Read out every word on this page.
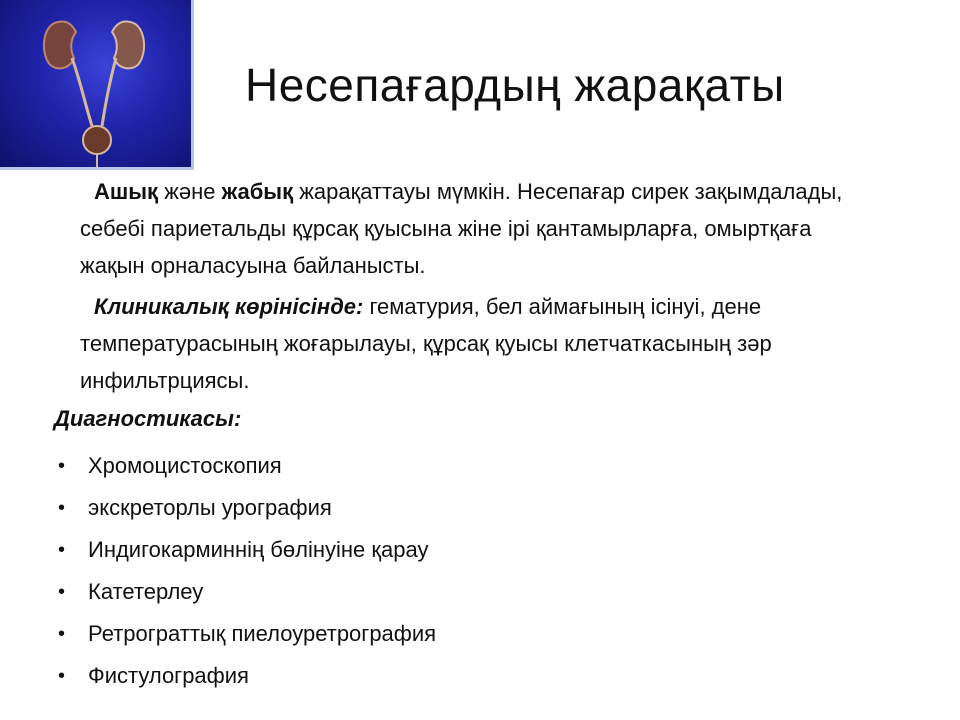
Несепағардың жарақаты
Ашық және жабық жарақаттауы мүмкін. Несепағар сирек зақымдалады, себебі париетальды құрсақ қуысына жіне ірі қантамырларға, омыртқаға жақын орналасуына байланысты.
Клиникалық көрінісінде: гематурия, бел аймағының ісінуі, дене температурасының жоғарылауы, құрсақ қуысы клетчаткасының зәр инфильтрциясы.
Диагностикасы:
• Хромоцистоскопия
• экскреторлы урография
• Индигокарминнің бөлінуіне қарау
• Катетерлеу
• Ретрограттық пиелоуретрография
• Фистулография
